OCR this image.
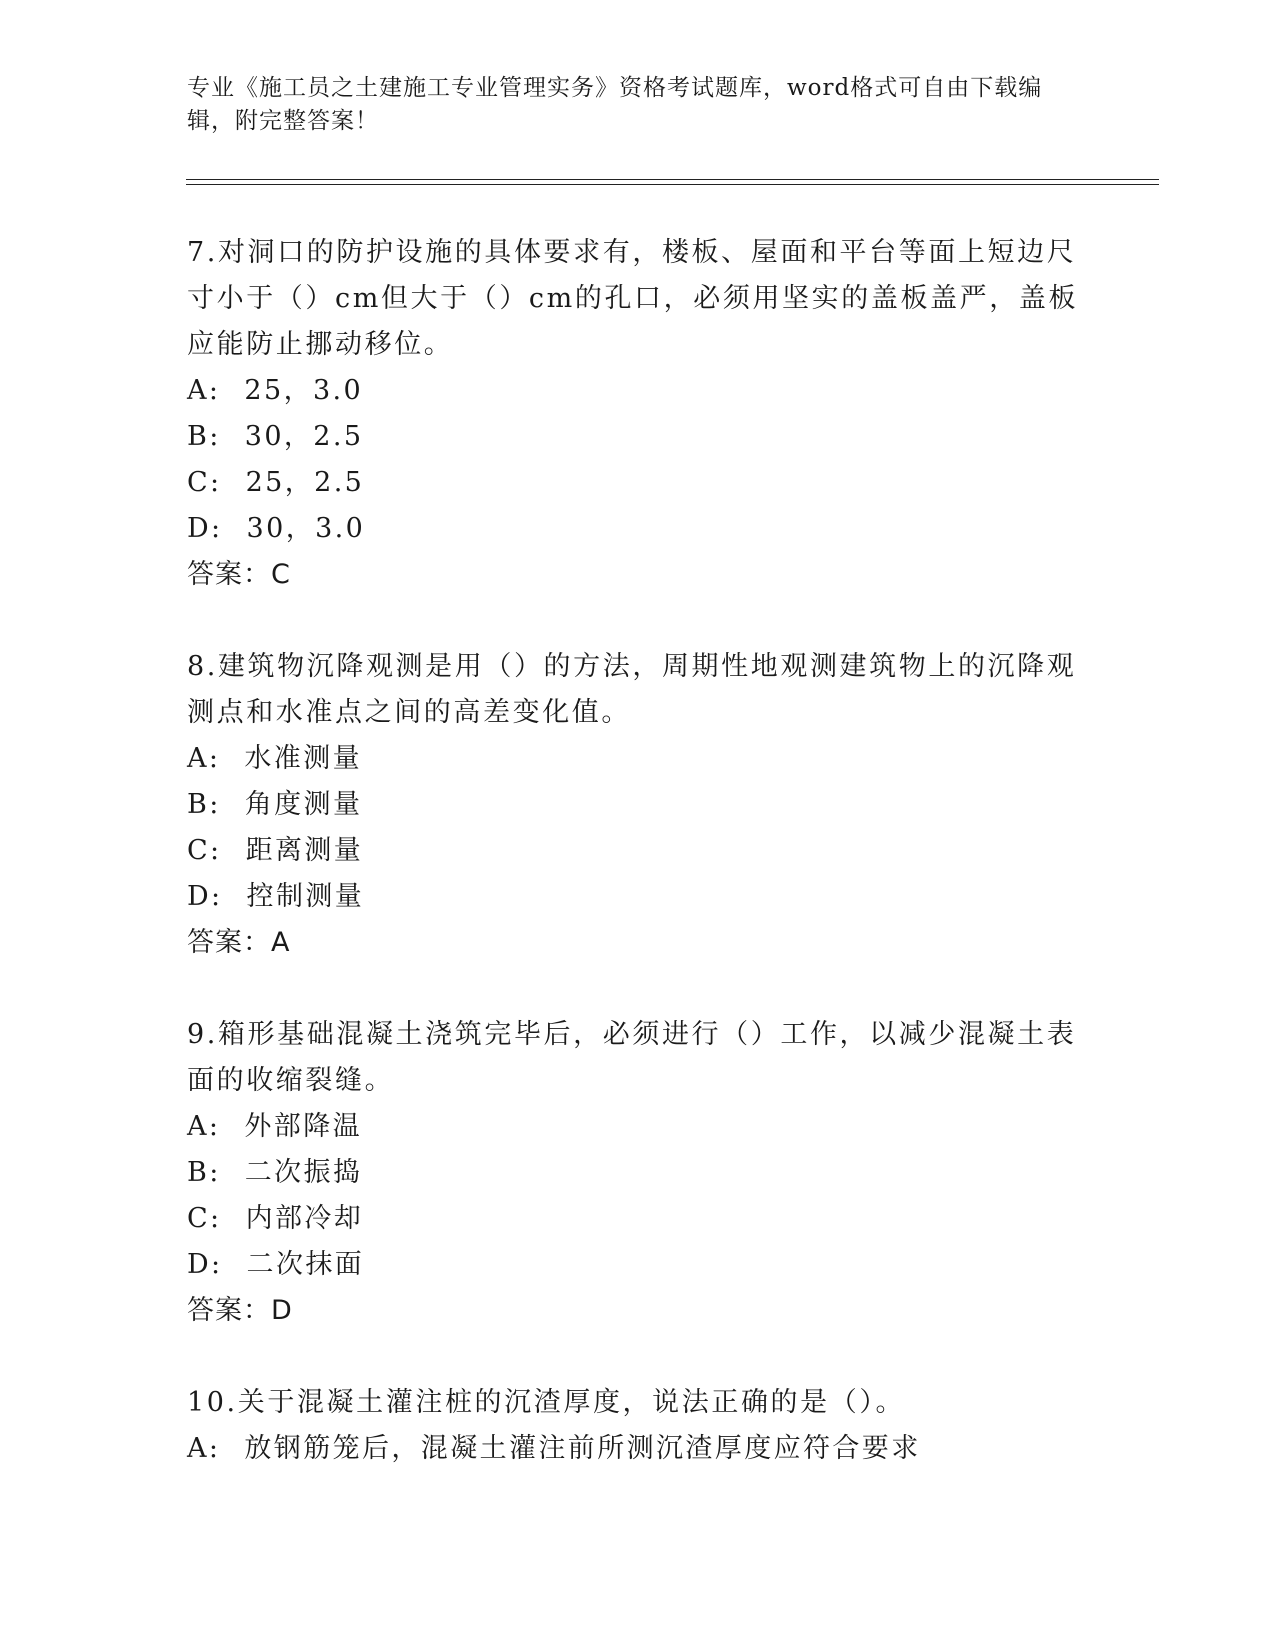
专业《施工员之土建施工专业管理实务》资格考试题库，word格式可自由下载编辑，附完整答案！
7.对洞口的防护设施的具体要求有，楼板、屋面和平台等面上短边尺寸小于（）cm但大于（）cm的孔口，必须用坚实的盖板盖严，盖板应能防止挪动移位。
A: 25，3.0
B: 30，2.5
C: 25，2.5
D: 30，3.0
答案：C
8.建筑物沉降观测是用（）的方法，周期性地观测建筑物上的沉降观测点和水准点之间的高差变化值。
A: 水准测量
B: 角度测量
C: 距离测量
D: 控制测量
答案：A
9.箱形基础混凝土浇筑完毕后，必须进行（）工作，以减少混凝土表面的收缩裂缝。
A: 外部降温
B: 二次振捣
C: 内部冷却
D: 二次抹面
答案：D
10.关于混凝土灌注桩的沉渣厚度，说法正确的是（）。
A: 放钢筋笼后，混凝土灌注前所测沉渣厚度应符合要求
